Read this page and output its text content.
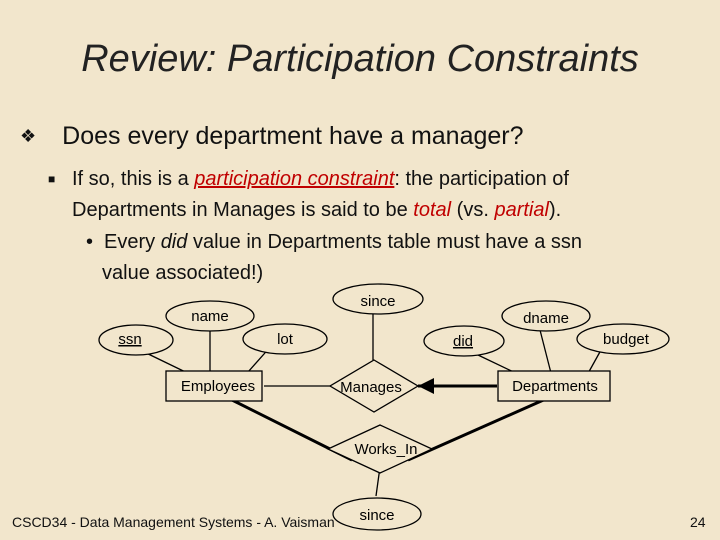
Review: Participation Constraints
❖ Does every department have a manager?
■ If so, this is a participation constraint: the participation of
Departments in Manages is said to be total (vs. partial).
• Every did value in Departments table must have a ssn
value associated!)
ssn
name
lot
since
did
dname
budget
since
Employees	Departments
Manages
Works_In
CSCD34 - Data Management Systems - A. Vaisman	24
